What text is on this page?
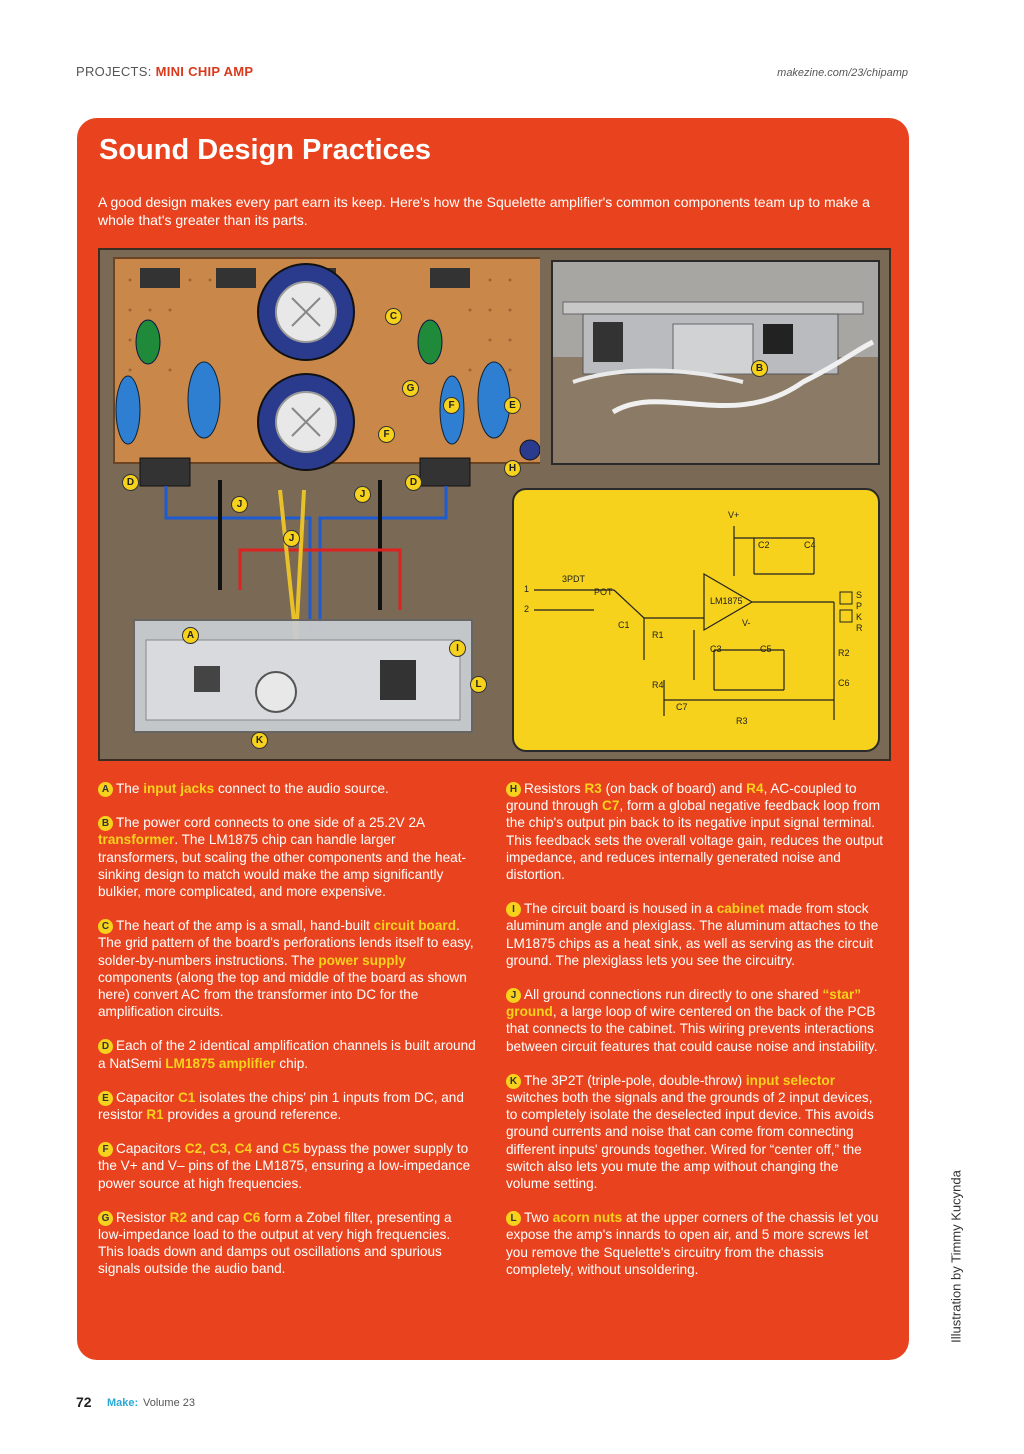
PROJECTS: MINI CHIP AMP	makezine.com/23/chipamp
Sound Design Practices
A good design makes every part earn its keep. Here's how the Squelette amplifier's common components team up to make a whole that's greater than its parts.
C
G
F	E
F
H
D	D
J
J
J
A
I
L
K
B
V+
C2	C4
3PDT
POT
LM1875
V-
C1
R1
C3	C5	R2
C6
R4
C7
R3
SPKR
1
2

A The input jacks connect to the audio source.

B The power cord connects to one side of a 25.2V 2A transformer. The LM1875 chip can handle larger transformers, but scaling the other components and the heat-sinking design to match would make the amp significantly bulkier, more complicated, and more expensive.

C The heart of the amp is a small, hand-built circuit board. The grid pattern of the board's perforations lends itself to easy, solder-by-numbers instructions. The power supply components (along the top and middle of the board as shown here) convert AC from the transformer into DC for the amplification circuits.

D Each of the 2 identical amplification channels is built around a NatSemi LM1875 amplifier chip.

E Capacitor C1 isolates the chips' pin 1 inputs from DC, and resistor R1 provides a ground reference.

F Capacitors C2, C3, C4 and C5 bypass the power supply to the V+ and V– pins of the LM1875, ensuring a low-impedance power source at high frequencies.

G Resistor R2 and cap C6 form a Zobel filter, presenting a low-impedance load to the output at very high frequencies. This loads down and damps out oscillations and spurious signals outside the audio band.

H Resistors R3 (on back of board) and R4, AC-coupled to ground through C7, form a global negative feedback loop from the chip's output pin back to its negative input signal terminal. This feedback sets the overall voltage gain, reduces the output impedance, and reduces internally generated noise and distortion.

I The circuit board is housed in a cabinet made from stock aluminum angle and plexiglass. The aluminum attaches to the LM1875 chips as a heat sink, as well as serving as the circuit ground. The plexiglass lets you see the circuitry.

J All ground connections run directly to one shared “star” ground, a large loop of wire centered on the back of the PCB that connects to the cabinet. This wiring prevents interactions between circuit features that could cause noise and instability.

K The 3P2T (triple-pole, double-throw) input selector switches both the signals and the grounds of 2 input devices, to completely isolate the deselected input device. This avoids ground currents and noise that can come from connecting different inputs' grounds together. Wired for “center off,” the switch also lets you mute the amp without changing the volume setting.

L Two acorn nuts at the upper corners of the chassis let you expose the amp's innards to open air, and 5 more screws let you remove the Squelette's circuitry from the chassis completely, without unsoldering.	Illustration by Timmy Kucynda
72 Make: Volume 23
